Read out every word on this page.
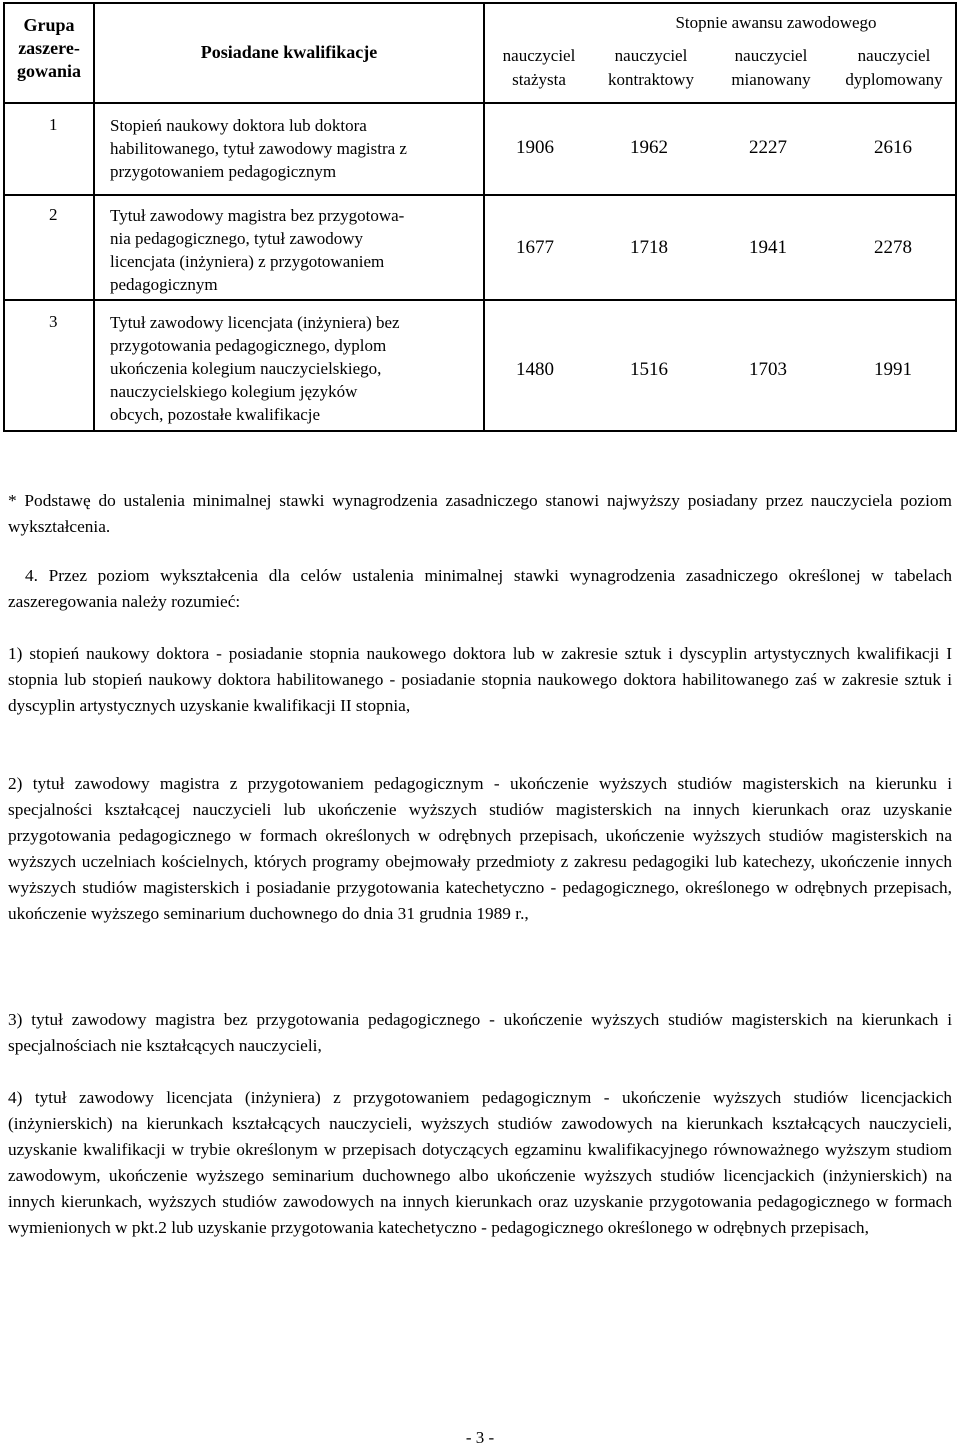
Grupa
zaszere-
gowania
Posiadane kwalifikacje
Stopnie awansu zawodowego
nauczyciel
stażysta
nauczyciel
kontraktowy
nauczyciel
mianowany
nauczyciel
dyplomowany
1	Stopień naukowy doktora lub doktora
habilitowanego, tytuł zawodowy magistra z
przygotowaniem pedagogicznym
1906	1962	2227	2616
2	Tytuł zawodowy magistra bez przygotowa-
nia pedagogicznego, tytuł zawodowy
licencjata (inżyniera) z przygotowaniem
pedagogicznym
1677	1718	1941	2278
3	Tytuł zawodowy licencjata (inżyniera) bez
przygotowania pedagogicznego, dyplom
ukończenia kolegium nauczycielskiego,
nauczycielskiego kolegium języków
obcych, pozostałe kwalifikacje
1480	1516	1703	1991
* Podstawę do ustalenia minimalnej stawki wynagrodzenia zasadniczego stanowi najwyższy posiadany przez nauczyciela poziom wykształcenia.
4. Przez poziom wykształcenia dla celów ustalenia minimalnej stawki wynagrodzenia zasadniczego określonej w tabelach zaszeregowania należy rozumieć:
1) stopień naukowy doktora - posiadanie stopnia naukowego doktora lub w zakresie sztuk i dyscyplin artystycznych kwalifikacji I stopnia lub stopień naukowy doktora habilitowanego - posiadanie stopnia naukowego doktora habilitowanego zaś w zakresie sztuk i dyscyplin artystycznych uzyskanie kwalifikacji II stopnia,
2) tytuł zawodowy magistra z przygotowaniem pedagogicznym - ukończenie wyższych studiów magisterskich na kierunku i specjalności kształcącej nauczycieli lub ukończenie wyższych studiów magisterskich na innych kierunkach oraz uzyskanie przygotowania pedagogicznego w formach określonych w odrębnych przepisach, ukończenie wyższych studiów magisterskich na wyższych uczelniach kościelnych, których programy obejmowały przedmioty z zakresu pedagogiki lub katechezy, ukończenie innych wyższych studiów magisterskich i posiadanie przygotowania katechetyczno - pedagogicznego, określonego w odrębnych przepisach, ukończenie wyższego seminarium duchownego do dnia 31 grudnia 1989 r.,
3) tytuł zawodowy magistra bez przygotowania pedagogicznego - ukończenie wyższych studiów magisterskich na kierunkach i specjalnościach nie kształcących nauczycieli,
4) tytuł zawodowy licencjata (inżyniera) z przygotowaniem pedagogicznym - ukończenie wyższych studiów licencjackich (inżynierskich) na kierunkach kształcących nauczycieli, wyższych studiów zawodowych na kierunkach kształcących nauczycieli, uzyskanie kwalifikacji w trybie określonym w przepisach dotyczących egzaminu kwalifikacyjnego równoważnego wyższym studiom zawodowym, ukończenie wyższego seminarium duchownego albo ukończenie wyższych studiów licencjackich (inżynierskich) na innych kierunkach, wyższych studiów zawodowych na innych kierunkach oraz uzyskanie przygotowania pedagogicznego w formach wymienionych w pkt.2 lub uzyskanie przygotowania katechetyczno - pedagogicznego określonego w odrębnych przepisach,
- 3 -
